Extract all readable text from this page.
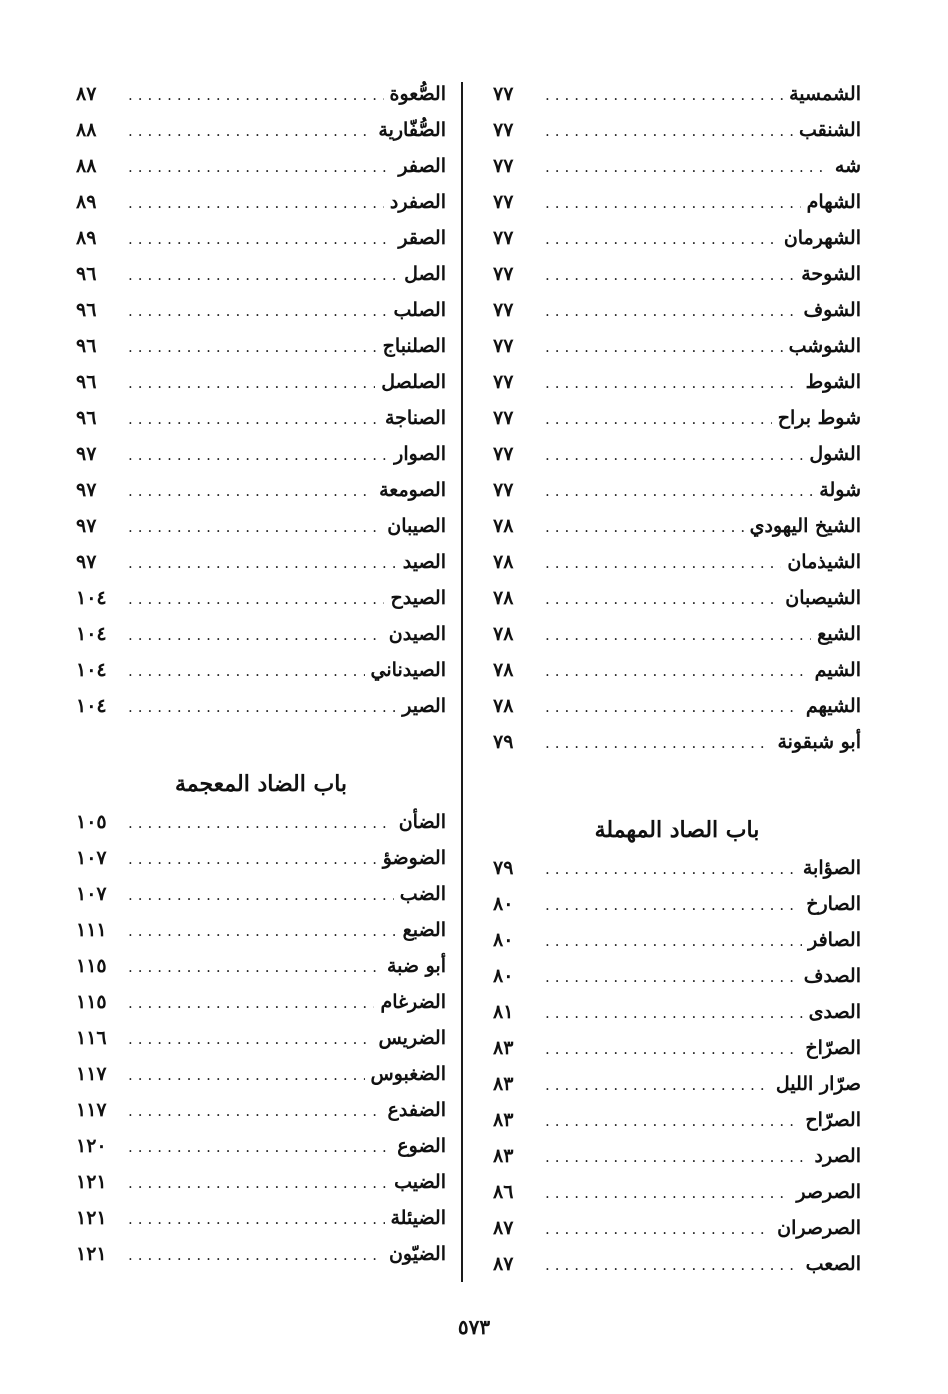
الشمسية
.....
٧٧
الشنقب
.....
٧٧
شه
.....
٧٧
الشهام
.....
٧٧
الشهرمان
.....
٧٧
الشوحة
.....
٧٧
الشوف
.....
٧٧
الشوشب
.....
٧٧
الشوط
.....
٧٧
شوط براح
.....
٧٧
الشول
.....
٧٧
شولة
.....
٧٧
الشيخ اليهودي
.....
٧٨
الشيذمان
.....
٧٨
الشيصبان
.....
٧٨
الشيع
.....
٧٨
الشيم
.....
٧٨
الشيهم
.....
٧٨
أبو شبقونة
.....
٧٩
باب الصاد المهملة
الصؤابة
.....
٧٩
الصارخ
.....
٨٠
الصافر
.....
٨٠
الصدف
.....
٨٠
الصدى
.....
٨١
الصرّاخ
.....
٨٣
صرّار الليل
.....
٨٣
الصرّاح
.....
٨٣
الصرد
.....
٨٣
الصرصر
.....
٨٦
الصرصران
.....
٨٧
الصعب
.....
٨٧
الصُّعوة
.....
٨٧
الصُّفّارية
.....
٨٨
الصفر
.....
٨٨
الصفرد
.....
٨٩
الصقر
.....
٨٩
الصل
.....
٩٦
الصلب
.....
٩٦
الصلنباج
.....
٩٦
الصلصل
.....
٩٦
الصناجة
.....
٩٦
الصوار
.....
٩٧
الصومعة
.....
٩٧
الصيبان
.....
٩٧
الصيد
.....
٩٧
الصيدح
.....
١٠٤
الصيدن
.....
١٠٤
الصيدناني
.....
١٠٤
الصير
.....
١٠٤
باب الضاد المعجمة
الضأن
.....
١٠٥
الضوضؤ
.....
١٠٧
الضب
.....
١٠٧
الضبع
.....
١١١
أبو ضبة
.....
١١٥
الضرغام
.....
١١٥
الضريس
.....
١١٦
الضغبوس
.....
١١٧
الضفدع
.....
١١٧
الضوع
.....
١٢٠
الضيب
.....
١٢١
الضيئلة
.....
١٢١
الضيّون
.....
١٢١
٥٧٣
